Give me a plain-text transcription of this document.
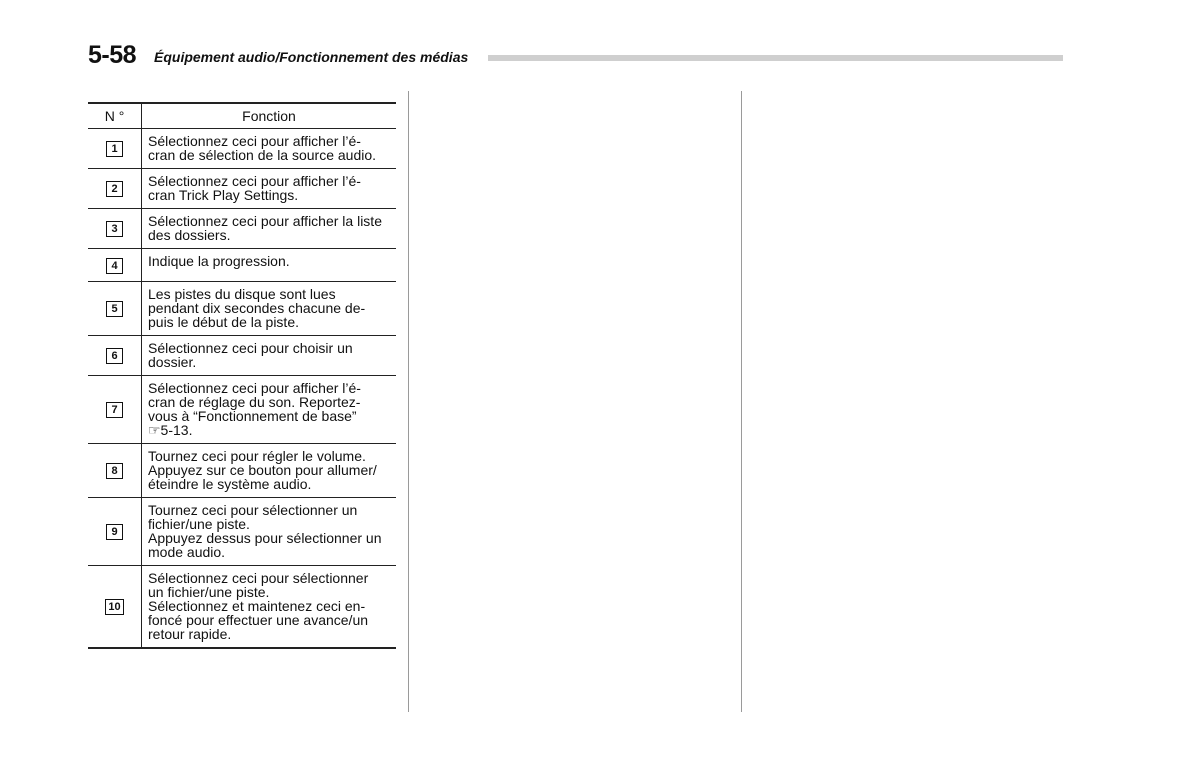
5-58 Équipement audio/Fonctionnement des médias
N °	Fonction
1	Sélectionnez ceci pour afficher l’é-
cran de sélection de la source audio.

2	Sélectionnez ceci pour afficher l’é-
cran Trick Play Settings.

3	Sélectionnez ceci pour afficher la liste
des dossiers.

4	Indique la progression.

5	Les pistes du disque sont lues
pendant dix secondes chacune de-
puis le début de la piste.

6	Sélectionnez ceci pour choisir un
dossier.

7	Sélectionnez ceci pour afficher l’é-
cran de réglage du son. Reportez-
vous à “Fonctionnement de base”
☞5-13.

8	Tournez ceci pour régler le volume.
Appuyez sur ce bouton pour allumer/
éteindre le système audio.

9	Tournez ceci pour sélectionner un
fichier/une piste.
Appuyez dessus pour sélectionner un
mode audio.

10	Sélectionnez ceci pour sélectionner
un fichier/une piste.
Sélectionnez et maintenez ceci en-
foncé pour effectuer une avance/un
retour rapide.
